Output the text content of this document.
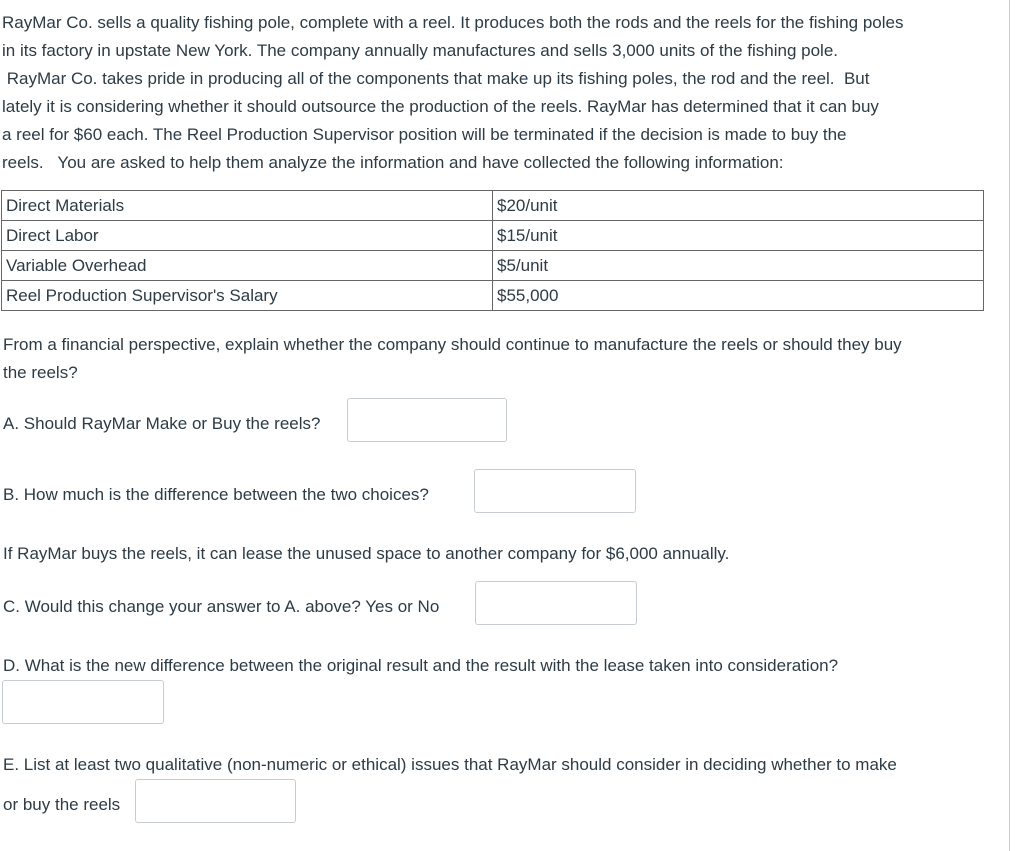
RayMar Co. sells a quality fishing pole, complete with a reel. It produces both the rods and the reels for the fishing poles
in its factory in upstate New York. The company annually manufactures and sells 3,000 units of the fishing pole.
RayMar Co. takes pride in producing all of the components that make up its fishing poles, the rod and the reel.  But
lately it is considering whether it should outsource the production of the reels. RayMar has determined that it can buy
a reel for $60 each. The Reel Production Supervisor position will be terminated if the decision is made to buy the
reels.   You are asked to help them analyze the information and have collected the following information:

Direct Materials	$20/unit
Direct Labor	$15/unit
Variable Overhead	$5/unit
Reel Production Supervisor's Salary	$55,000
From a financial perspective, explain whether the company should continue to manufacture the reels or should they buy
the reels?
A. Should RayMar Make or Buy the reels?
B. How much is the difference between the two choices?
If RayMar buys the reels, it can lease the unused space to another company for $6,000 annually.
C. Would this change your answer to A. above? Yes or No
D. What is the new difference between the original result and the result with the lease taken into consideration?
E. List at least two qualitative (non-numeric or ethical) issues that RayMar should consider in deciding whether to make
or buy the reels
